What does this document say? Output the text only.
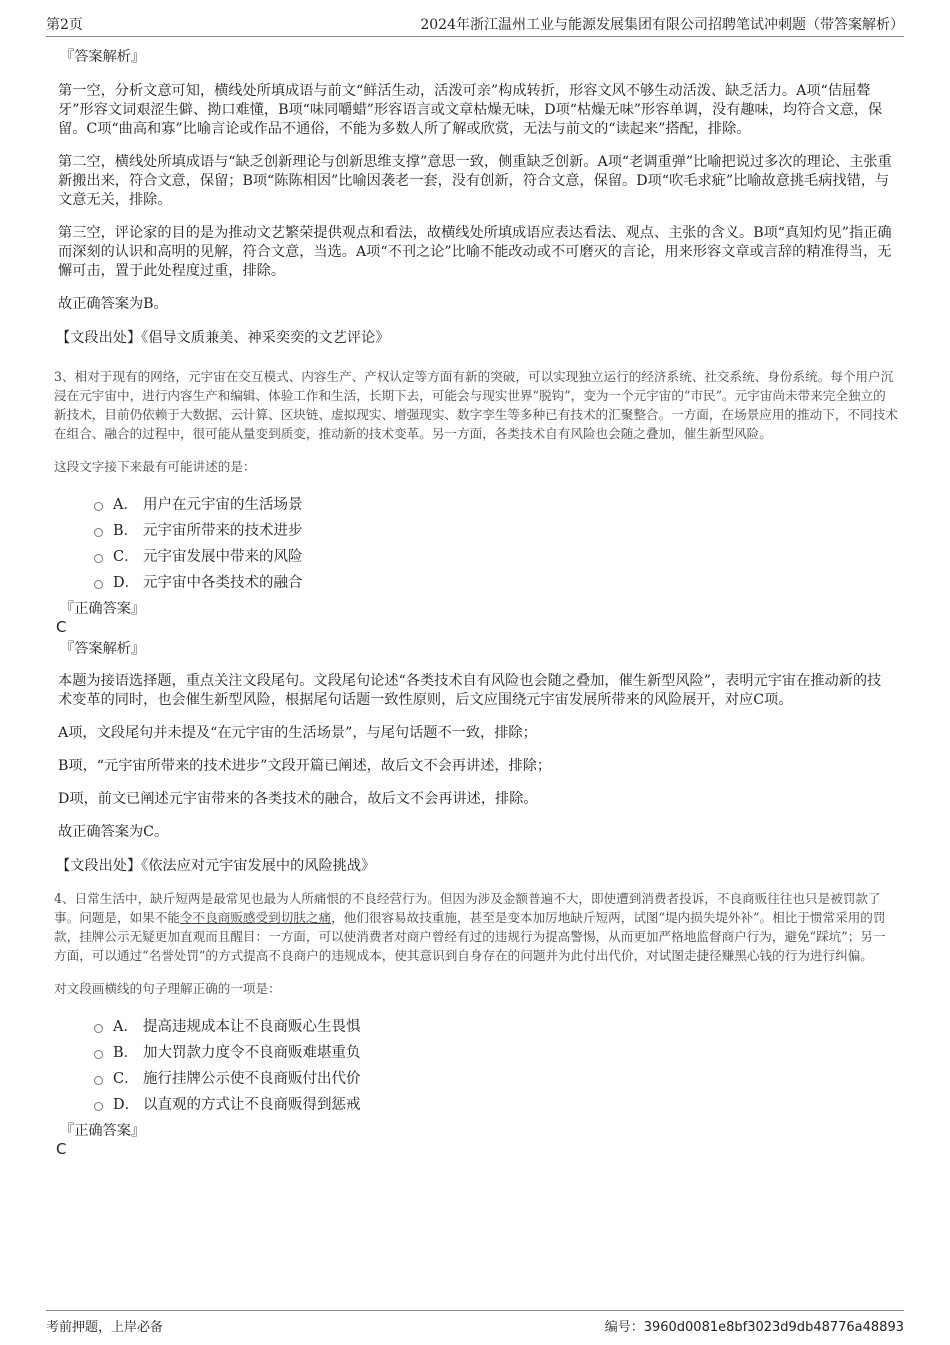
第2页	2024年浙江温州工业与能源发展集团有限公司招聘笔试冲刺题（带答案解析）
『答案解析』
第一空，分析文意可知，横线处所填成语与前文“鲜活生动，活泼可亲”构成转折，形容文风不够生动活泼、缺乏活力。A项“佶屈聱牙”形容文词艰涩生僻、拗口难懂，B项“味同嚼蜡”形容语言或文章枯燥无味，D项“枯燥无味”形容单调，没有趣味，均符合文意，保留。C项“曲高和寡”比喻言论或作品不通俗，不能为多数人所了解或欣赏，无法与前文的“读起来”搭配，排除。
第二空，横线处所填成语与“缺乏创新理论与创新思维支撑”意思一致，侧重缺乏创新。A项“老调重弹”比喻把说过多次的理论、主张重新搬出来，符合文意，保留；B项“陈陈相因”比喻因袭老一套，没有创新，符合文意，保留。D项“吹毛求疵”比喻故意挑毛病找错，与文意无关，排除。
第三空，评论家的目的是为推动文艺繁荣提供观点和看法，故横线处所填成语应表达看法、观点、主张的含义。B项“真知灼见”指正确而深刻的认识和高明的见解，符合文意，当选。A项“不刊之论”比喻不能改动或不可磨灭的言论，用来形容文章或言辞的精准得当，无懈可击，置于此处程度过重，排除。
故正确答案为B。
【文段出处】《倡导文质兼美、神采奕奕的文艺评论》
3、相对于现有的网络，元宇宙在交互模式、内容生产、产权认定等方面有新的突破，可以实现独立运行的经济系统、社交系统、身份系统。每个用户沉浸在元宇宙中，进行内容生产和编辑、体验工作和生活，长期下去，可能会与现实世界“脱钩”，变为一个元宇宙的“市民”。元宇宙尚未带来完全独立的新技术，目前仍依赖于大数据、云计算、区块链、虚拟现实、增强现实、数字孪生等多种已有技术的汇聚整合。一方面，在场景应用的推动下，不同技术在组合、融合的过程中，很可能从量变到质变，推动新的技术变革。另一方面，各类技术自有风险也会随之叠加，催生新型风险。
这段文字接下来最有可能讲述的是：
A． 用户在元宇宙的生活场景
B． 元宇宙所带来的技术进步
C． 元宇宙发展中带来的风险
D． 元宇宙中各类技术的融合
『正确答案』
C
『答案解析』
本题为接语选择题，重点关注文段尾句。文段尾句论述“各类技术自有风险也会随之叠加，催生新型风险”，表明元宇宙在推动新的技术变革的同时，也会催生新型风险，根据尾句话题一致性原则，后文应围绕元宇宙发展所带来的风险展开，对应C项。
A项，文段尾句并未提及“在元宇宙的生活场景”，与尾句话题不一致，排除；
B项，“元宇宙所带来的技术进步”文段开篇已阐述，故后文不会再讲述，排除；
D项，前文已阐述元宇宙带来的各类技术的融合，故后文不会再讲述，排除。
故正确答案为C。
【文段出处】《依法应对元宇宙发展中的风险挑战》
4、日常生活中，缺斤短两是最常见也最为人所痛恨的不良经营行为。但因为涉及金额普遍不大，即使遭到消费者投诉，不良商贩往往也只是被罚款了事。问题是，如果不能令不良商贩感受到切肤之痛，他们很容易故技重施，甚至是变本加厉地缺斤短两，试图“堤内损失堤外补”。相比于惯常采用的罚款，挂牌公示无疑更加直观而且醒目：一方面，可以使消费者对商户曾经有过的违规行为提高警惕，从而更加严格地监督商户行为，避免“踩坑”；另一方面，可以通过“名誉处罚”的方式提高不良商户的违规成本，使其意识到自身存在的问题并为此付出代价，对试图走捷径赚黑心钱的行为进行纠偏。
对文段画横线的句子理解正确的一项是：
A． 提高违规成本让不良商贩心生畏惧
B． 加大罚款力度令不良商贩难堪重负
C． 施行挂牌公示使不良商贩付出代价
D． 以直观的方式让不良商贩得到惩戒
『正确答案』
C
考前押题，上岸必备	编号：3960d0081e8bf3023d9db48776a48893
